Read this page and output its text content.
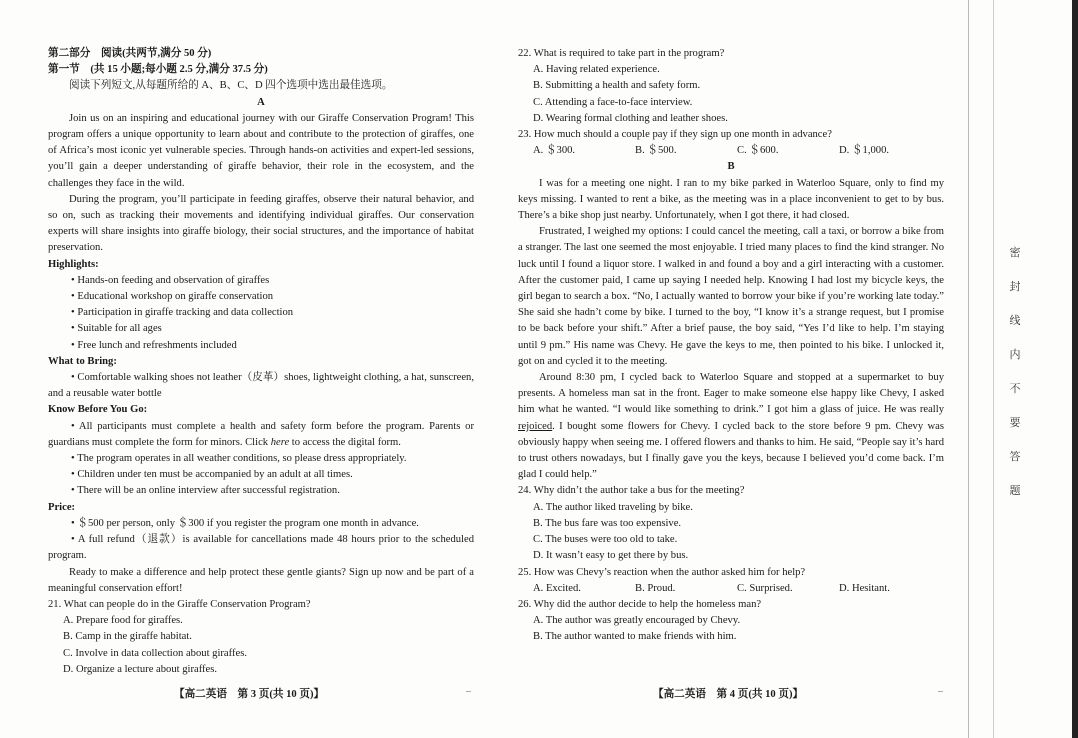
第二部分　阅读(共两节,满分 50 分)

第一节　(共 15 小题;每小题 2.5 分,满分 37.5 分)

阅读下列短文,从每题所给的 A、B、C、D 四个选项中选出最佳选项。

A

Join us on an inspiring and educational journey with our Giraffe Conservation Program! This program offers a unique opportunity to learn about and contribute to the protection of giraffes, one of Africa’s most iconic yet vulnerable species. Through hands-on activities and expert-led sessions, you’ll gain a deeper understanding of giraffe behavior, their role in the ecosystem, and the challenges they face in the wild.

During the program, you’ll participate in feeding giraffes, observe their natural behavior, and so on, such as tracking their movements and identifying individual giraffes. Our conservation experts will share insights into giraffe biology, their social structures, and the importance of habitat preservation.

Highlights:

• Hands-on feeding and observation of giraffes

• Educational workshop on giraffe conservation

• Participation in giraffe tracking and data collection

• Suitable for all ages

• Free lunch and refreshments included

What to Bring:

• Comfortable walking shoes not leather（皮革）shoes, lightweight clothing, a hat, sunscreen, and a reusable water bottle

Know Before You Go:

• All participants must complete a health and safety form before the program. Parents or guardians must complete the form for minors. Click here to access the digital form.

• The program operates in all weather conditions, so please dress appropriately.

• Children under ten must be accompanied by an adult at all times.

• There will be an online interview after successful registration.

Price:

• ＄500 per person, only ＄300 if you register the program one month in advance.

• A full refund（退款）is available for cancellations made 48 hours prior to the scheduled program.

Ready to make a difference and help protect these gentle giants? Sign up now and be part of a meaningful conservation effort!

21. What can people do in the Giraffe Conservation Program?

A. Prepare food for giraffes.

B. Camp in the giraffe habitat.

C. Involve in data collection about giraffes.

D. Organize a lecture about giraffes.

【高二英语　第 3 页(共 10 页)】
_

22. What is required to take part in the program?

A. Having related experience.

B. Submitting a health and safety form.

C. Attending a face-to-face interview.

D. Wearing formal clothing and leather shoes.

23. How much should a couple pay if they sign up one month in advance?

A. ＄300.	B. ＄500.	C. ＄600.	D. ＄1,000.

B

I was for a meeting one night. I ran to my bike parked in Waterloo Square, only to find my keys missing. I wanted to rent a bike, as the meeting was in a place inconvenient to get to by bus. There’s a bike shop just nearby. Unfortunately, when I got there, it had closed.

Frustrated, I weighed my options: I could cancel the meeting, call a taxi, or borrow a bike from a stranger. The last one seemed the most enjoyable. I tried many places to find the kind stranger. No luck until I found a liquor store. I walked in and found a boy and a girl interacting with a customer. After the customer paid, I came up saying I needed help. Knowing I had lost my bicycle keys, the girl began to search a box. “No, I actually wanted to borrow your bike if you’re working late today.” She said she hadn’t come by bike. I turned to the boy, “I know it’s a strange request, but I promise to be back before your shift.” After a brief pause, the boy said, “Yes I’d like to help. I’m staying until 9 pm.” His name was Chevy. He gave the keys to me, then pointed to his bike. I unlocked it, got on and cycled it to the meeting.

Around 8:30 pm, I cycled back to Waterloo Square and stopped at a supermarket to buy presents. A homeless man sat in the front. Eager to make someone else happy like Chevy, I asked him what he wanted. “I would like something to drink.” I got him a glass of juice. He was really rejoiced. I bought some flowers for Chevy. I cycled back to the store before 9 pm. Chevy was obviously happy when seeing me. I offered flowers and thanks to him. He said, “People say it’s hard to trust others nowadays, but I finally gave you the keys, because I believed you’d come back. I’m glad I could help.”

24. Why didn’t the author take a bus for the meeting?

A. The author liked traveling by bike.

B. The bus fare was too expensive.

C. The buses were too old to take.

D. It wasn’t easy to get there by bus.

25. How was Chevy’s reaction when the author asked him for help?

A. Excited.	B. Proud.	C. Surprised.	D. Hesitant.

26. Why did the author decide to help the homeless man?

A. The author was greatly encouraged by Chevy.

B. The author wanted to make friends with him.

【高二英语　第 4 页(共 10 页)】
_
密
封
线
内
不
要
答
题
